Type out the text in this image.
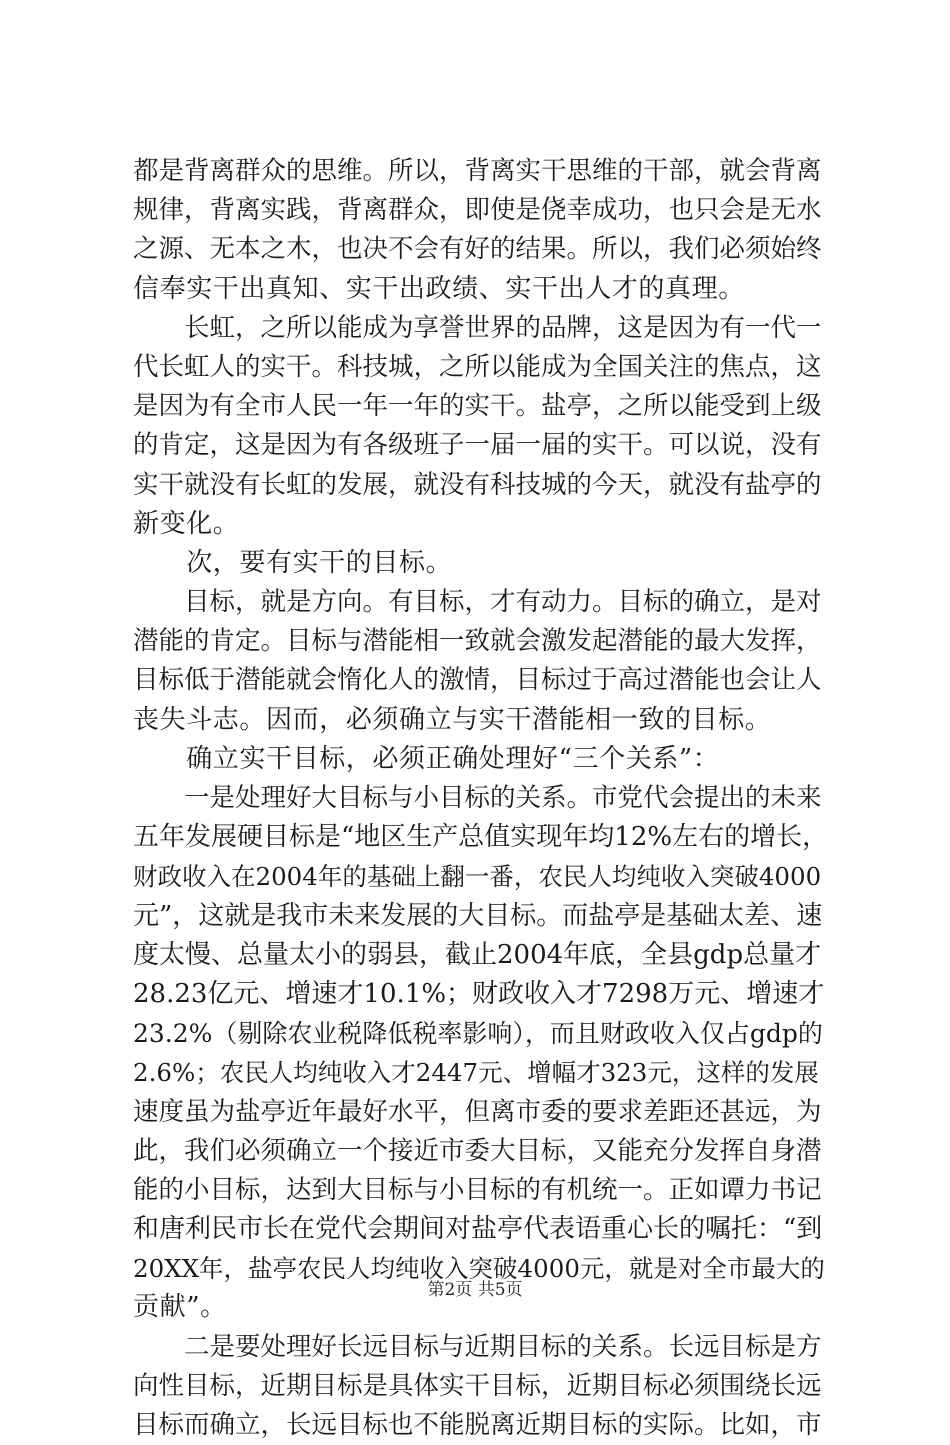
都是背离群众的思维。所以，背离实干思维的干部，就会背离
规律，背离实践，背离群众，即使是侥幸成功，也只会是无水
之源、无本之木，也决不会有好的结果。所以，我们必须始终
信奉实干出真知、实干出政绩、实干出人才的真理。
　　长虹，之所以能成为享誉世界的品牌，这是因为有一代一
代长虹人的实干。科技城，之所以能成为全国关注的焦点，这
是因为有全市人民一年一年的实干。盐亭，之所以能受到上级
的肯定，这是因为有各级班子一届一届的实干。可以说，没有
实干就没有长虹的发展，就没有科技城的今天，就没有盐亭的
新变化。
　　次，要有实干的目标。
　　目标，就是方向。有目标，才有动力。目标的确立，是对
潜能的肯定。目标与潜能相一致就会激发起潜能的最大发挥，
目标低于潜能就会惰化人的激情，目标过于高过潜能也会让人
丧失斗志。因而，必须确立与实干潜能相一致的目标。
　　确立实干目标，必须正确处理好“三个关系”：
　　一是处理好大目标与小目标的关系。市党代会提出的未来
五年发展硬目标是“地区生产总值实现年均12%左右的增长，
财政收入在2004年的基础上翻一番，农民人均纯收入突破4000
元”，这就是我市未来发展的大目标。而盐亭是基础太差、速
度太慢、总量太小的弱县，截止2004年底，全县gdp总量才
28.23亿元、增速才10.1%；财政收入才7298万元、增速才
23.2%（剔除农业税降低税率影响），而且财政收入仅占gdp的
2.6%；农民人均纯收入才2447元、增幅才323元，这样的发展
速度虽为盐亭近年最好水平，但离市委的要求差距还甚远，为
此，我们必须确立一个接近市委大目标，又能充分发挥自身潜
能的小目标，达到大目标与小目标的有机统一。正如谭力书记
和唐利民市长在党代会期间对盐亭代表语重心长的嘱托：“到
20XX年，盐亭农民人均纯收入突破4000元，就是对全市最大的
贡献”。
　　二是要处理好长远目标与近期目标的关系。长远目标是方
向性目标，近期目标是具体实干目标，近期目标必须围绕长远
目标而确立，长远目标也不能脱离近期目标的实际。比如，市
第2页 共5页
